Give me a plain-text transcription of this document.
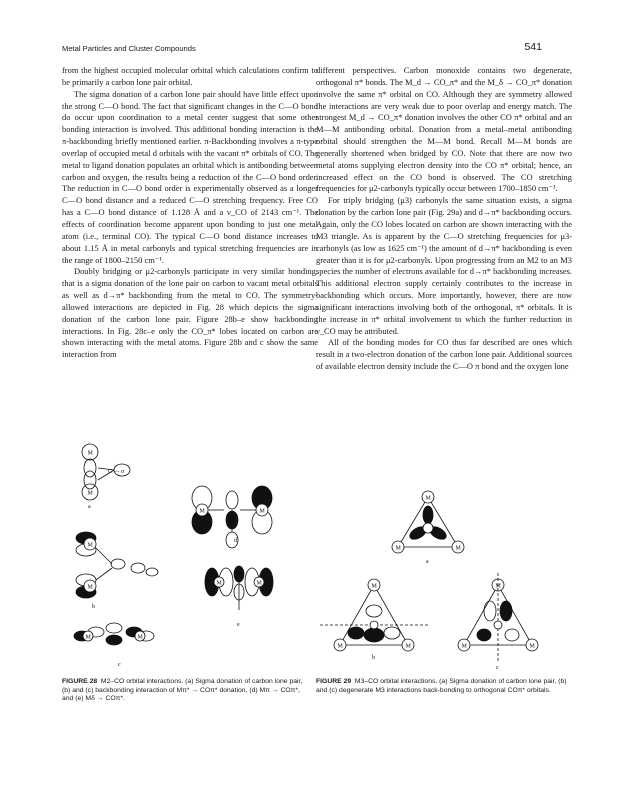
Metal Particles and Cluster Compounds	541

from the highest occupied molecular orbital which calculations confirm to be primarily a carbon lone pair orbital.

The sigma donation of a carbon lone pair should have little effect upon the strong C—O bond. The fact that significant changes in the C—O bond do occur upon coordination to a metal center suggest that some other bonding interaction is involved. This additional bonding interaction is the π-backbonding briefly mentioned earlier. π-Backbonding involves a π-type overlap of occupied metal d orbitals with the vacant π* orbitals of CO. The metal to ligand donation populates an orbital which is antibonding between carbon and oxygen, the results being a reduction of the C—O bond order. The reduction in C—O bond order is experimentally observed as a longer C—O bond distance and a reduced C—O stretching frequency. Free CO has a C—O bond distance of 1.128 Å and a ν_CO of 2143 cm⁻¹. The effects of coordination become apparent upon bonding to just one metal atom (i.e., terminal CO). The typical C—O bond distance increases to about 1.15 Å in metal carbonyls and typical stretching frequencies are in the range of 1800–2150 cm⁻¹.

Doubly bridging or μ2-carbonyls participate in very similar bonding, that is a sigma donation of the lone pair on carbon to vacant metal orbitals as well as d→π* backbonding from the metal to CO. The symmetry-allowed interactions are depicted in Fig. 28 which depicts the sigma donation of the carbon lone pair. Figure 28b–e show backbonding interactions. In Fig. 28c–e only the CO_π* lobes located on carbon are shown interacting with the metal atoms. Figure 28b and c show the same interaction from

different perspectives. Carbon monoxide contains two degenerate, orthogonal π* bonds. The M_d → CO_π* and the M_δ → CO_π* donation involve the same π* orbital on CO. Although they are symmetry allowed the interactions are very weak due to poor overlap and energy match. The strongest M_d → CO_π* donation involves the other CO π* orbital and an M—M antibonding orbital. Donation from a metal–metal antibonding orbital should strengthen the M—M bond. Recall M—M bonds are generally shortened when bridged by CO. Note that there are now two metal atoms supplying electron density into the CO π* orbital; hence, an increased effect on the CO bond is observed. The CO stretching frequencies for μ2-carbonyls typically occur between 1700–1850 cm⁻¹.

For triply bridging (μ3) carbonyls the same situation exists, a sigma donation by the carbon lone pair (Fig. 29a) and d→π* backbonding occurs. Again, only the CO lobes located on carbon are shown interacting with the M3 triangle. As is apparent by the C—O stretching frequencies for μ3-carbonyls (as low as 1625 cm⁻¹) the amount of d→π* backbonding is even greater than it is for μ2-carbonyls. Upon progressing from an M2 to an M3 species the number of electrons available for d→π* backbonding increases. This additional electron supply certainly contributes to the increase in backbonding which occurs. More importantly, however, there are now significant interactions involving both of the orthogonal, π* orbitals. It is the increase in π* orbital involvement to which the further reduction in ν_CO may be attributed.

All of the bonding modes for CO thus far described are ones which result in a two-electron donation of the carbon lone pair. Additional sources of available electron density include the C—O π bond and the oxygen lone

M
M
C — σ
a
M	M
d
M
M
b
M	M
e
M	M
c
M
M	M
a
M
M	M
b
M
M	M
c
FIGURE 28 M2–CO orbital interactions. (a) Sigma donation of carbon lone pair, (b) and (c) backbonding interaction of Mπ* → COπ* donation, (d) Mπ → COπ*, and (e) Mδ → COπ*.
FIGURE 29 M3–CO orbital interactions. (a) Sigma donation of carbon lone pair, (b) and (c) degenerate M3 interactions back-bonding to orthogonal COπ* orbitals.
